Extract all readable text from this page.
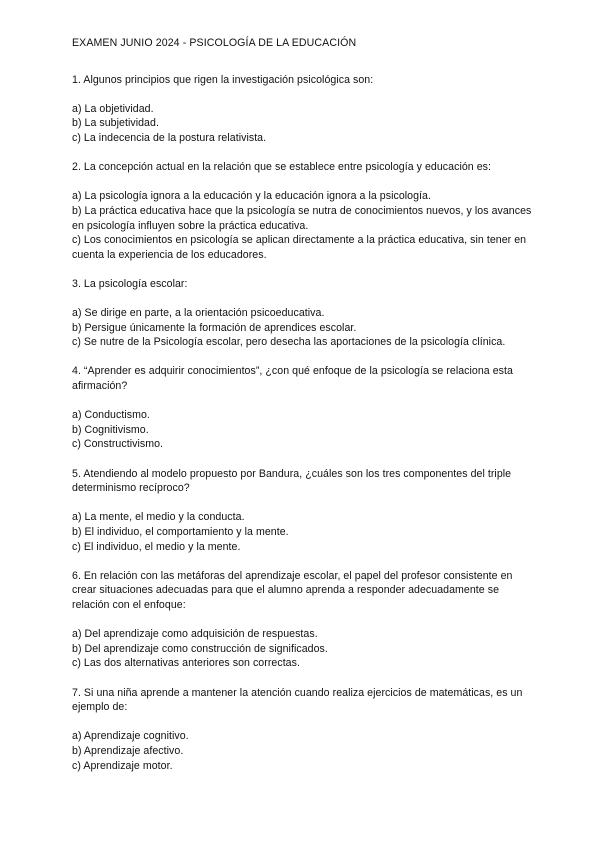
EXAMEN JUNIO 2024 - PSICOLOGÍA DE LA EDUCACIÓN

1. Algunos principios que rigen la investigación psicológica son:

a) La objetividad.
b) La subjetividad.
c) La indecencia de la postura relativista.

2. La concepción actual en la relación que se establece entre psicología y educación es:

a) La psicología ignora a la educación y la educación ignora a la psicología.
b) La práctica educativa hace que la psicología se nutra de conocimientos nuevos, y los avances en psicología influyen sobre la práctica educativa.
c) Los conocimientos en psicología se aplican directamente a la práctica educativa, sin tener en cuenta la experiencia de los educadores.

3. La psicología escolar:

a) Se dirige en parte, a la orientación psicoeducativa.
b) Persigue únicamente la formación de aprendices escolar.
c) Se nutre de la Psicología escolar, pero desecha las aportaciones de la psicología clínica.

4. “Aprender es adquirir conocimientos”, ¿con qué enfoque de la psicología se relaciona esta afirmación?

a) Conductismo.
b) Cognitivismo.
c) Constructivismo.

5. Atendiendo al modelo propuesto por Bandura, ¿cuáles son los tres componentes del triple determinismo recíproco?

a) La mente, el medio y la conducta.
b) El individuo, el comportamiento y la mente.
c) El individuo, el medio y la mente.

6. En relación con las metáforas del aprendizaje escolar, el papel del profesor consistente en crear situaciones adecuadas para que el alumno aprenda a responder adecuadamente se relación con el enfoque:

a) Del aprendizaje como adquisición de respuestas.
b) Del aprendizaje como construcción de significados.
c) Las dos alternativas anteriores son correctas.

7. Si una niña aprende a mantener la atención cuando realiza ejercicios de matemáticas, es un ejemplo de:

a) Aprendizaje cognitivo.
b) Aprendizaje afectivo.
c) Aprendizaje motor.
